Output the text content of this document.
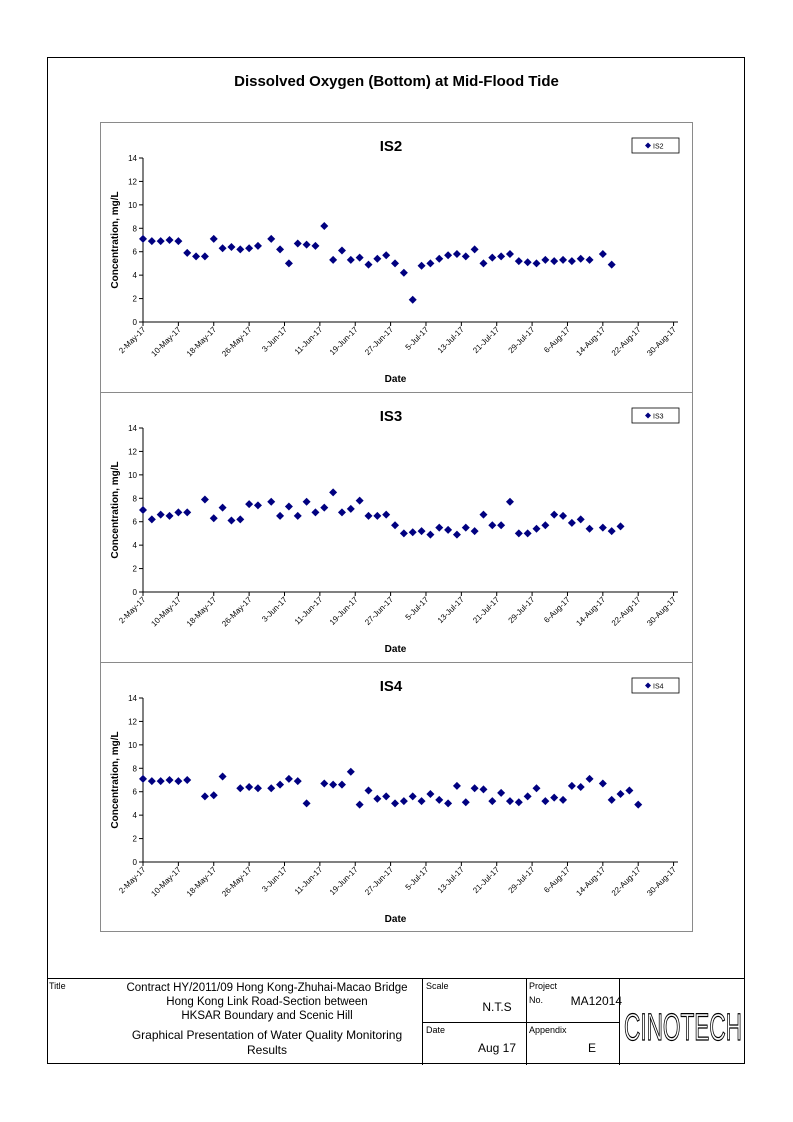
Dissolved Oxygen (Bottom) at Mid-Flood Tide
IS2
0
2
4
6
8
10
12
14
2-May-17 10-May-17 18-May-17 26-May-17 3-Jun-17 11-Jun-17 19-Jun-17 27-Jun-17 5-Jul-17 13-Jul-17 21-Jul-17 29-Jul-17 6-Aug-17 14-Aug-17 22-Aug-17 30-Aug-17
Date
Concentration, mg/L
IS2
IS3
0
2
4
6
8
10
12
14
2-May-17 10-May-17 18-May-17 26-May-17 3-Jun-17 11-Jun-17 19-Jun-17 27-Jun-17 5-Jul-17 13-Jul-17 21-Jul-17 29-Jul-17 6-Aug-17 14-Aug-17 22-Aug-17 30-Aug-17
Date
Concentration, mg/L
IS3
IS4
0
2
4
6
8
10
12
14
2-May-17 10-May-17 18-May-17 26-May-17 3-Jun-17 11-Jun-17 19-Jun-17 27-Jun-17 5-Jul-17 13-Jul-17 21-Jul-17 29-Jul-17 6-Aug-17 14-Aug-17 22-Aug-17 30-Aug-17
Date
Concentration, mg/L
IS4
Title	Contract HY/2011/09 Hong Kong-Zhuhai-Macao Bridge
Hong Kong Link Road-Section between
HKSAR Boundary and Scenic Hill
Graphical Presentation of Water Quality Monitoring
Results
Scale
N.T.S
Date
Aug 17
Project
No.	MA12014
Appendix
E CINOTECH
